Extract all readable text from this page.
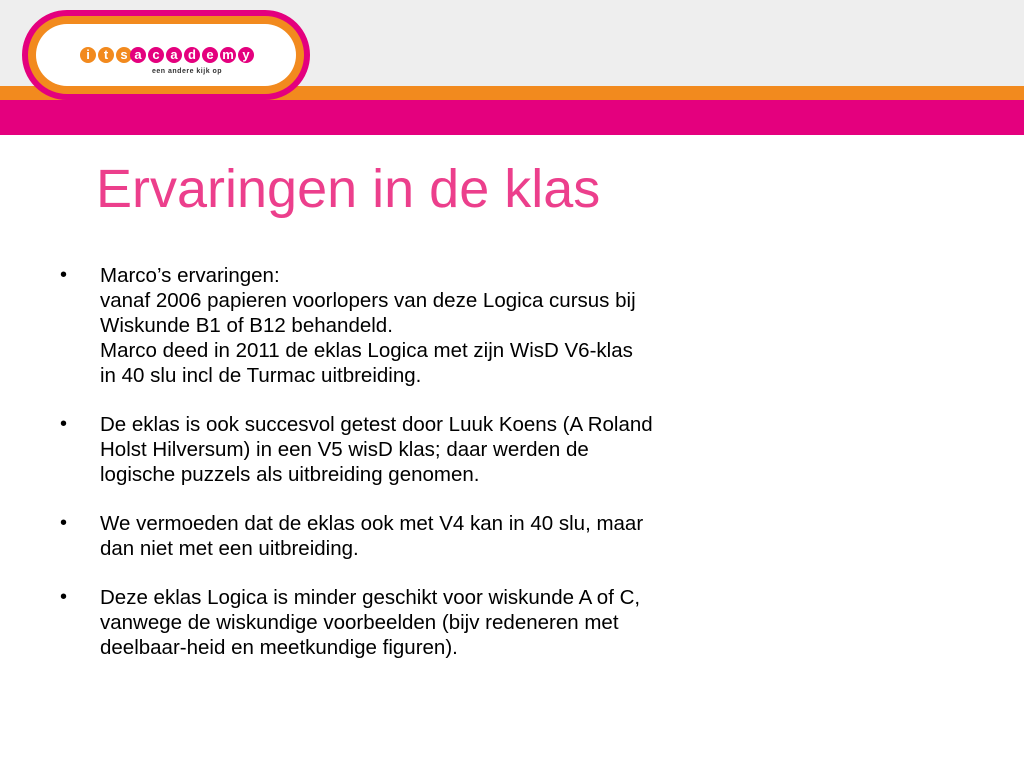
i	t s a c a d e m y
een andere kijk op
Ervaringen in de klas
• Marco’s ervaringen:
vanaf 2006 papieren voorlopers van deze Logica cursus bij
Wiskunde B1 of B12 behandeld.
Marco deed in 2011 de eklas Logica met zijn WisD V6-klas
in 40 slu incl de Turmac uitbreiding.
• De eklas is ook succesvol getest door Luuk Koens (A Roland
Holst Hilversum) in een V5 wisD klas; daar werden de
logische puzzels als uitbreiding genomen.
• We vermoeden dat de eklas ook met V4 kan in 40 slu, maar
dan niet met een uitbreiding.
• Deze eklas Logica is minder geschikt voor wiskunde A of C,
vanwege de wiskundige voorbeelden (bijv redeneren met
deelbaar-heid en meetkundige figuren).
